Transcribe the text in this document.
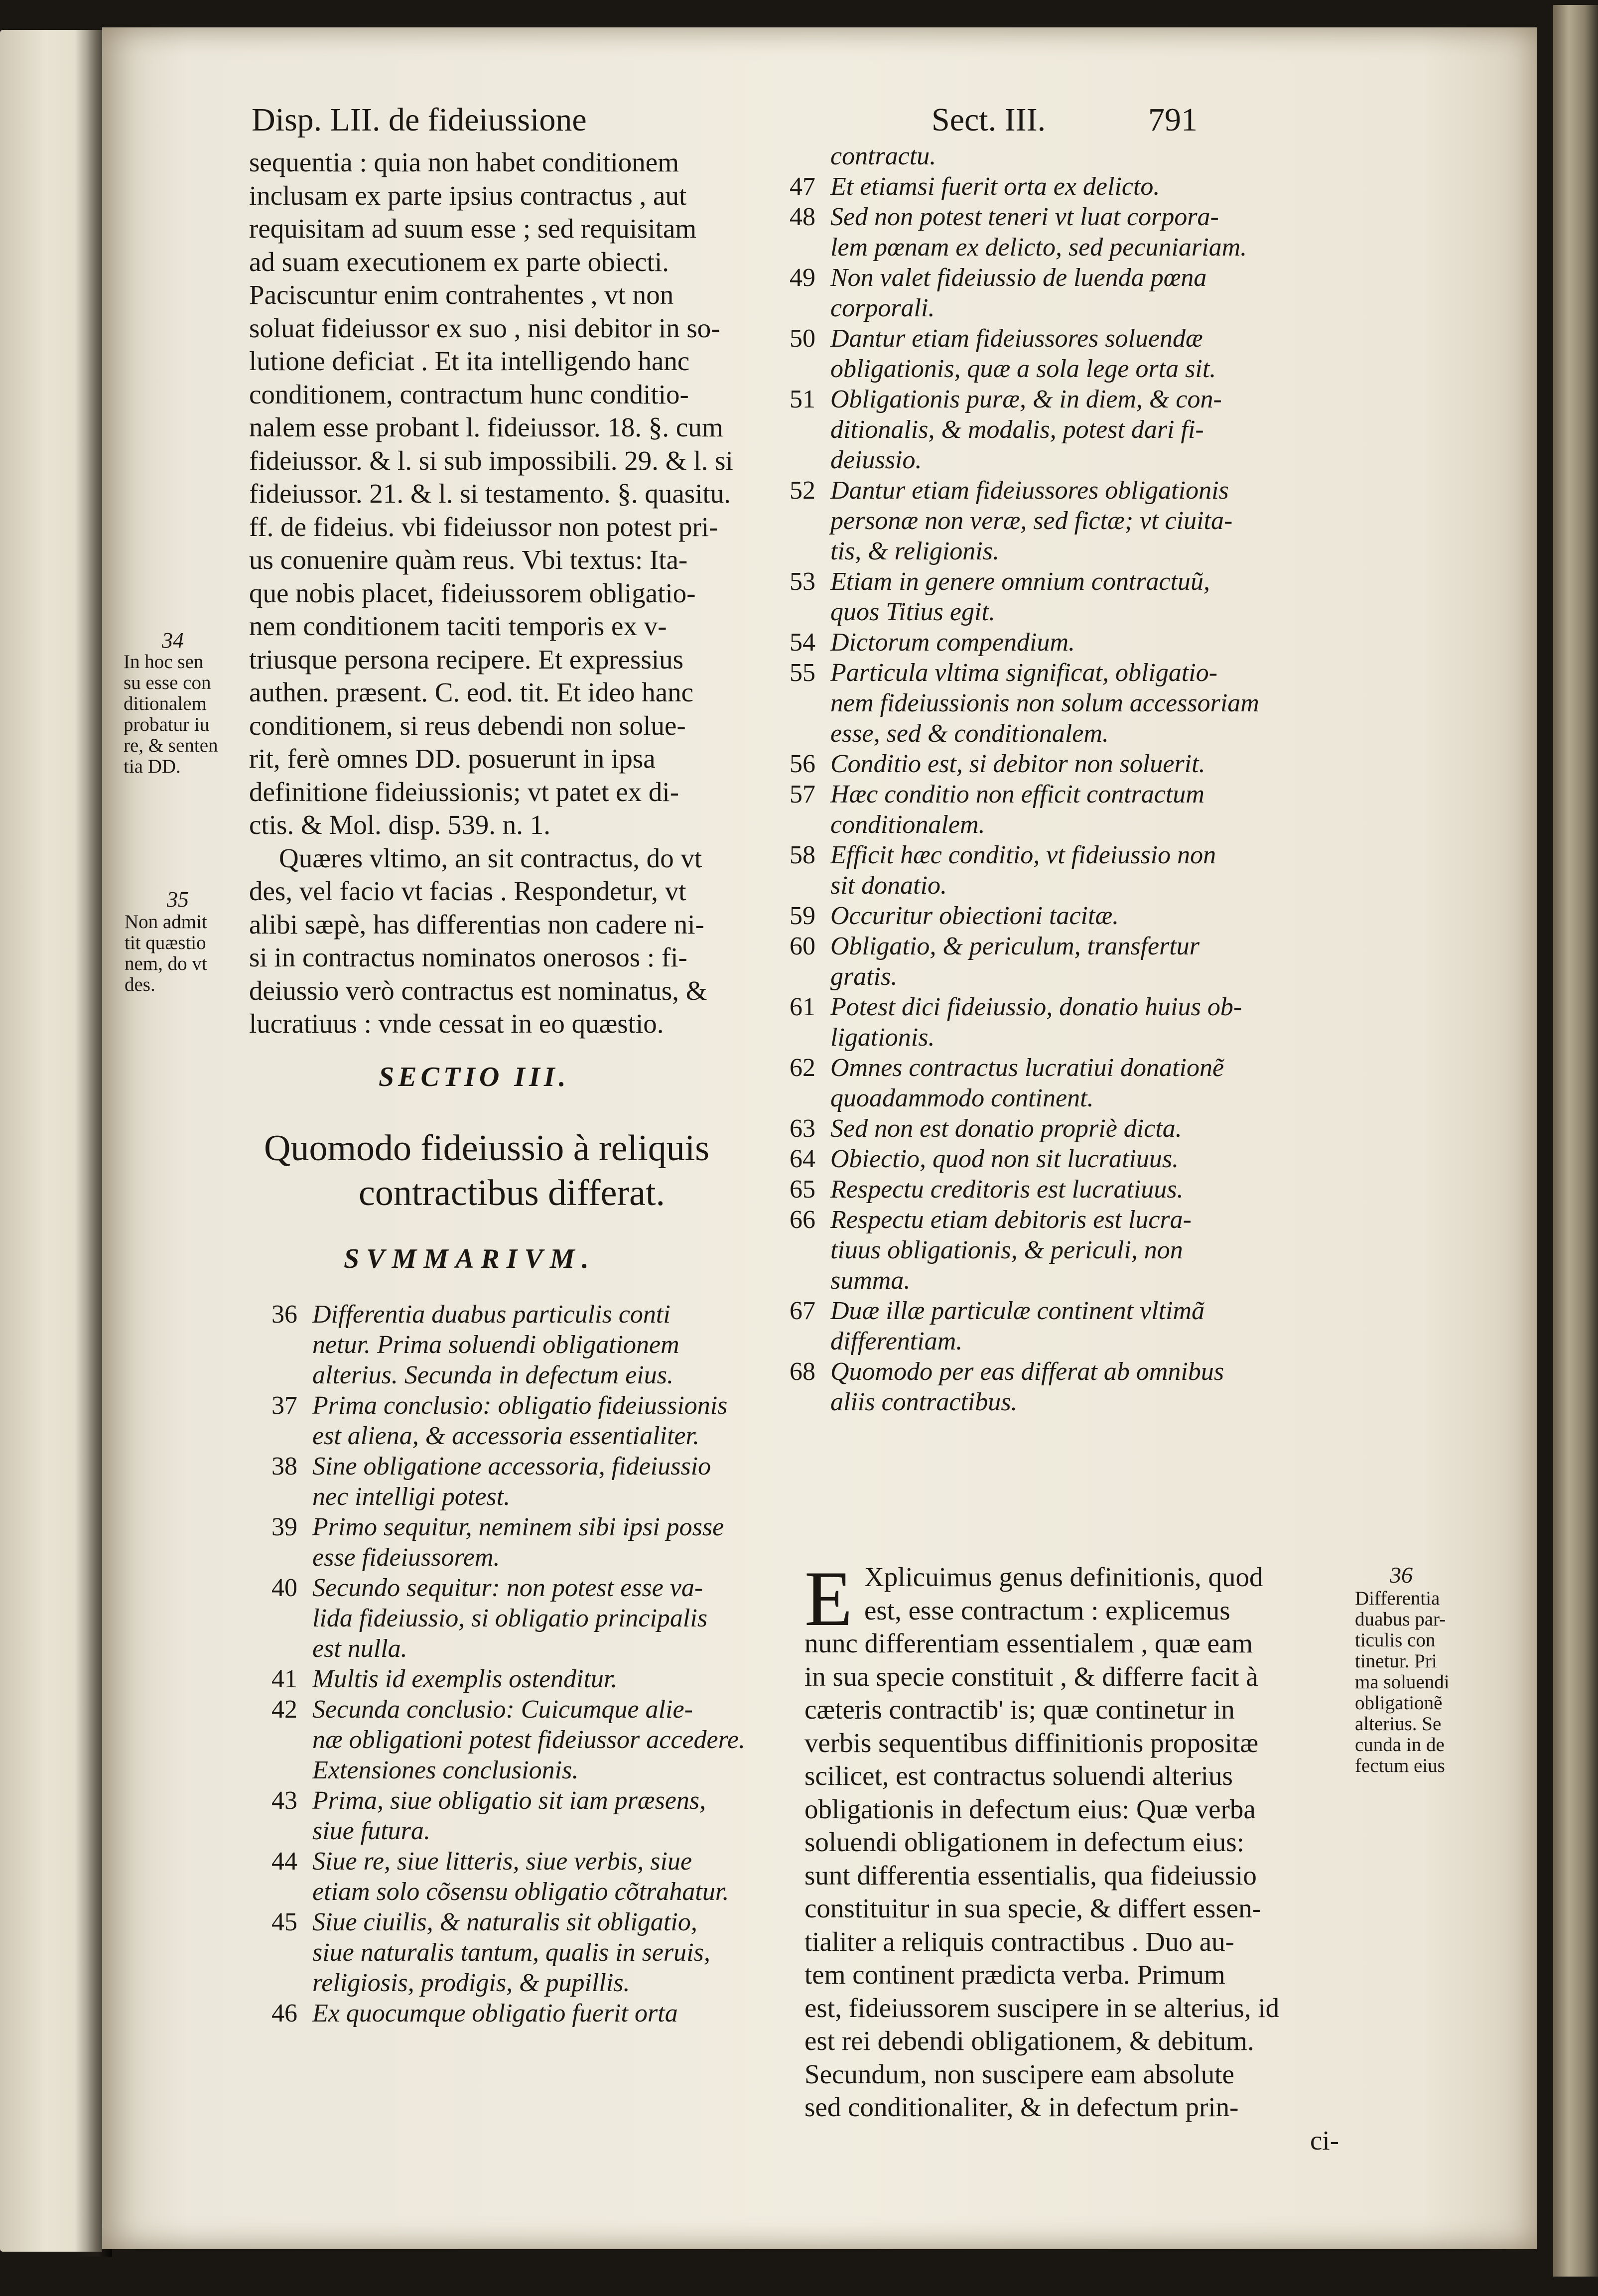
Disp. LII. de fideiussione	Sect. III.	791
sequentia : quia non habet conditionem
inclusam ex parte ipsius contractus , aut
requisitam ad suum esse ; sed requisitam
ad suam executionem ex parte obiecti.
Paciscuntur enim contrahentes , vt non
soluat fideiussor ex suo , nisi debitor in so-
lutione deficiat . Et ita intelligendo hanc
conditionem, contractum hunc conditio-
nalem esse probant l. fideiussor. 18. §. cum
fideiussor. & l. si sub impossibili. 29. & l. si
fideiussor. 21. & l. si testamento. §. quasitu.
ff. de fideius. vbi fideiussor non potest pri-
us conuenire quàm reus. Vbi textus: Ita-
que nobis placet, fideiussorem obligatio-
nem conditionem taciti temporis ex v-
triusque persona recipere. Et expressius
authen. præsent. C. eod. tit. Et ideo hanc
conditionem, si reus debendi non solue-
rit, ferè omnes DD. posuerunt in ipsa
definitione fideiussionis; vt patet ex di-
ctis. & Mol. disp. 539. n. 1.
Quæres vltimo, an sit contractus, do vt
des, vel facio vt facias . Respondetur, vt
alibi sæpè, has differentias non cadere ni-
si in contractus nominatos onerosos : fi-
deiussio verò contractus est nominatus, &
lucratiuus : vnde cessat in eo quæstio.
SECTIO III.
Quomodo fideiussio à reliquis
contractibus differat.
SVMMARIVM.
36 Differentia duabus particulis conti
netur. Prima soluendi obligationem
alterius. Secunda in defectum eius.
37 Prima conclusio: obligatio fideiussionis
est aliena, & accessoria essentialiter.
38 Sine obligatione accessoria, fideiussio
nec intelligi potest.
39 Primo sequitur, neminem sibi ipsi posse
esse fideiussorem.
40 Secundo sequitur: non potest esse va-
lida fideiussio, si obligatio principalis
est nulla.
41 Multis id exemplis ostenditur.
42 Secunda conclusio: Cuicumque alie-
næ obligationi potest fideiussor accedere.
Extensiones conclusionis.
43 Prima, siue obligatio sit iam præsens,
siue futura.
44 Siue re, siue litteris, siue verbis, siue
etiam solo cõsensu obligatio cõtrahatur.
45 Siue ciuilis, & naturalis sit obligatio,
siue naturalis tantum, qualis in seruis,
religiosis, prodigis, & pupillis.
46 Ex quocumque obligatio fuerit orta
contractu.
47 Et etiamsi fuerit orta ex delicto.
48 Sed non potest teneri vt luat corpora-
lem pœnam ex delicto, sed pecuniariam.
49 Non valet fideiussio de luenda pœna
corporali.
50 Dantur etiam fideiussores soluendæ
obligationis, quæ a sola lege orta sit.
51 Obligationis puræ, & in diem, & con-
ditionalis, & modalis, potest dari fi-
deiussio.
52 Dantur etiam fideiussores obligationis
personæ non veræ, sed fictæ; vt ciuita-
tis, & religionis.
53 Etiam in genere omnium contractuũ,
quos Titius egit.
54 Dictorum compendium.
55 Particula vltima significat, obligatio-
nem fideiussionis non solum accessoriam
esse, sed & conditionalem.
56 Conditio est, si debitor non soluerit.
57 Hæc conditio non efficit contractum
conditionalem.
58 Efficit hæc conditio, vt fideiussio non
sit donatio.
59 Occuritur obiectioni tacitæ.
60 Obligatio, & periculum, transfertur
gratis.
61 Potest dici fideiussio, donatio huius ob-
ligationis.
62 Omnes contractus lucratiui donationẽ
quoadammodo continent.
63 Sed non est donatio propriè dicta.
64 Obiectio, quod non sit lucratiuus.
65 Respectu creditoris est lucratiuus.
66 Respectu etiam debitoris est lucra-
tiuus obligationis, & periculi, non
summa.
67 Duæ illæ particulæ continent vltimã
differentiam.
68 Quomodo per eas differat ab omnibus
aliis contractibus.
E Xplicuimus genus definitionis, quod
est, esse contractum : explicemus
nunc differentiam essentialem , quæ eam
in sua specie constituit , & differre facit à
cæteris contractib' is; quæ continetur in
verbis sequentibus diffinitionis propositæ
scilicet, est contractus soluendi alterius
obligationis in defectum eius: Quæ verba
soluendi obligationem in defectum eius:
sunt differentia essentialis, qua fideiussio
constituitur in sua specie, & differt essen-
tialiter a reliquis contractibus . Duo au-
tem continent prædicta verba. Primum
est, fideiussorem suscipere in se alterius, id
est rei debendi obligationem, & debitum.
Secundum, non suscipere eam absolute
sed conditionaliter, & in defectum prin-
ci-
34
In hoc sen
su esse con
ditionalem
probatur iu
re, & senten
tia DD.
35
Non admit
tit quæstio
nem, do vt
des.
36
Differentia
duabus par-
ticulis con
tinetur. Pri
ma soluendi
obligationẽ
alterius. Se
cunda in de
fectum eius
